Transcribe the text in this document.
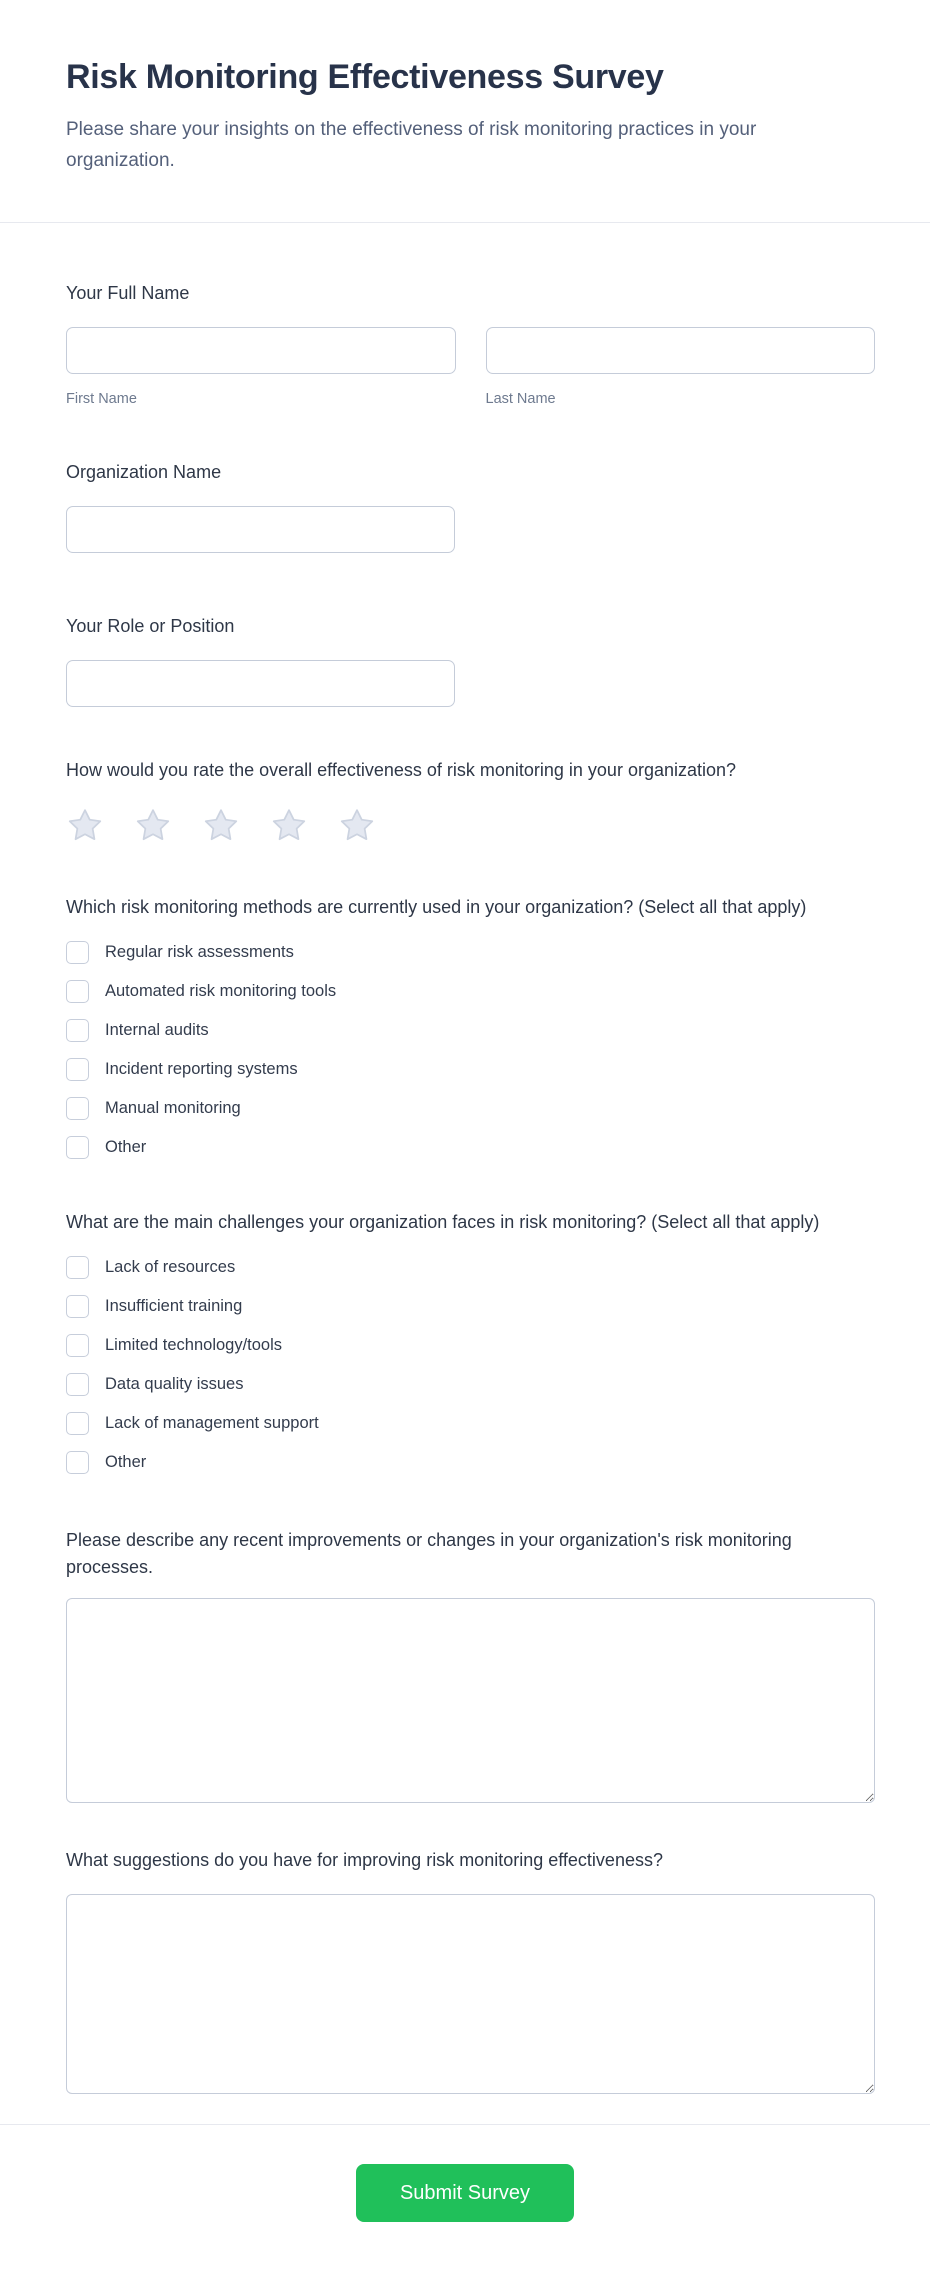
Risk Monitoring Effectiveness Survey

Please share your insights on the effectiveness of risk monitoring practices in your organization.

Your Full Name
First Name	Last Name
Organization Name
Your Role or Position
How would you rate the overall effectiveness of risk monitoring in your organization?
Which risk monitoring methods are currently used in your organization? (Select all that apply)
Regular risk assessments
Automated risk monitoring tools
Internal audits
Incident reporting systems
Manual monitoring
Other
What are the main challenges your organization faces in risk monitoring? (Select all that apply)
Lack of resources
Insufficient training
Limited technology/tools
Data quality issues
Lack of management support
Other
Please describe any recent improvements or changes in your organization's risk monitoring processes.
What suggestions do you have for improving risk monitoring effectiveness?
Submit Survey
